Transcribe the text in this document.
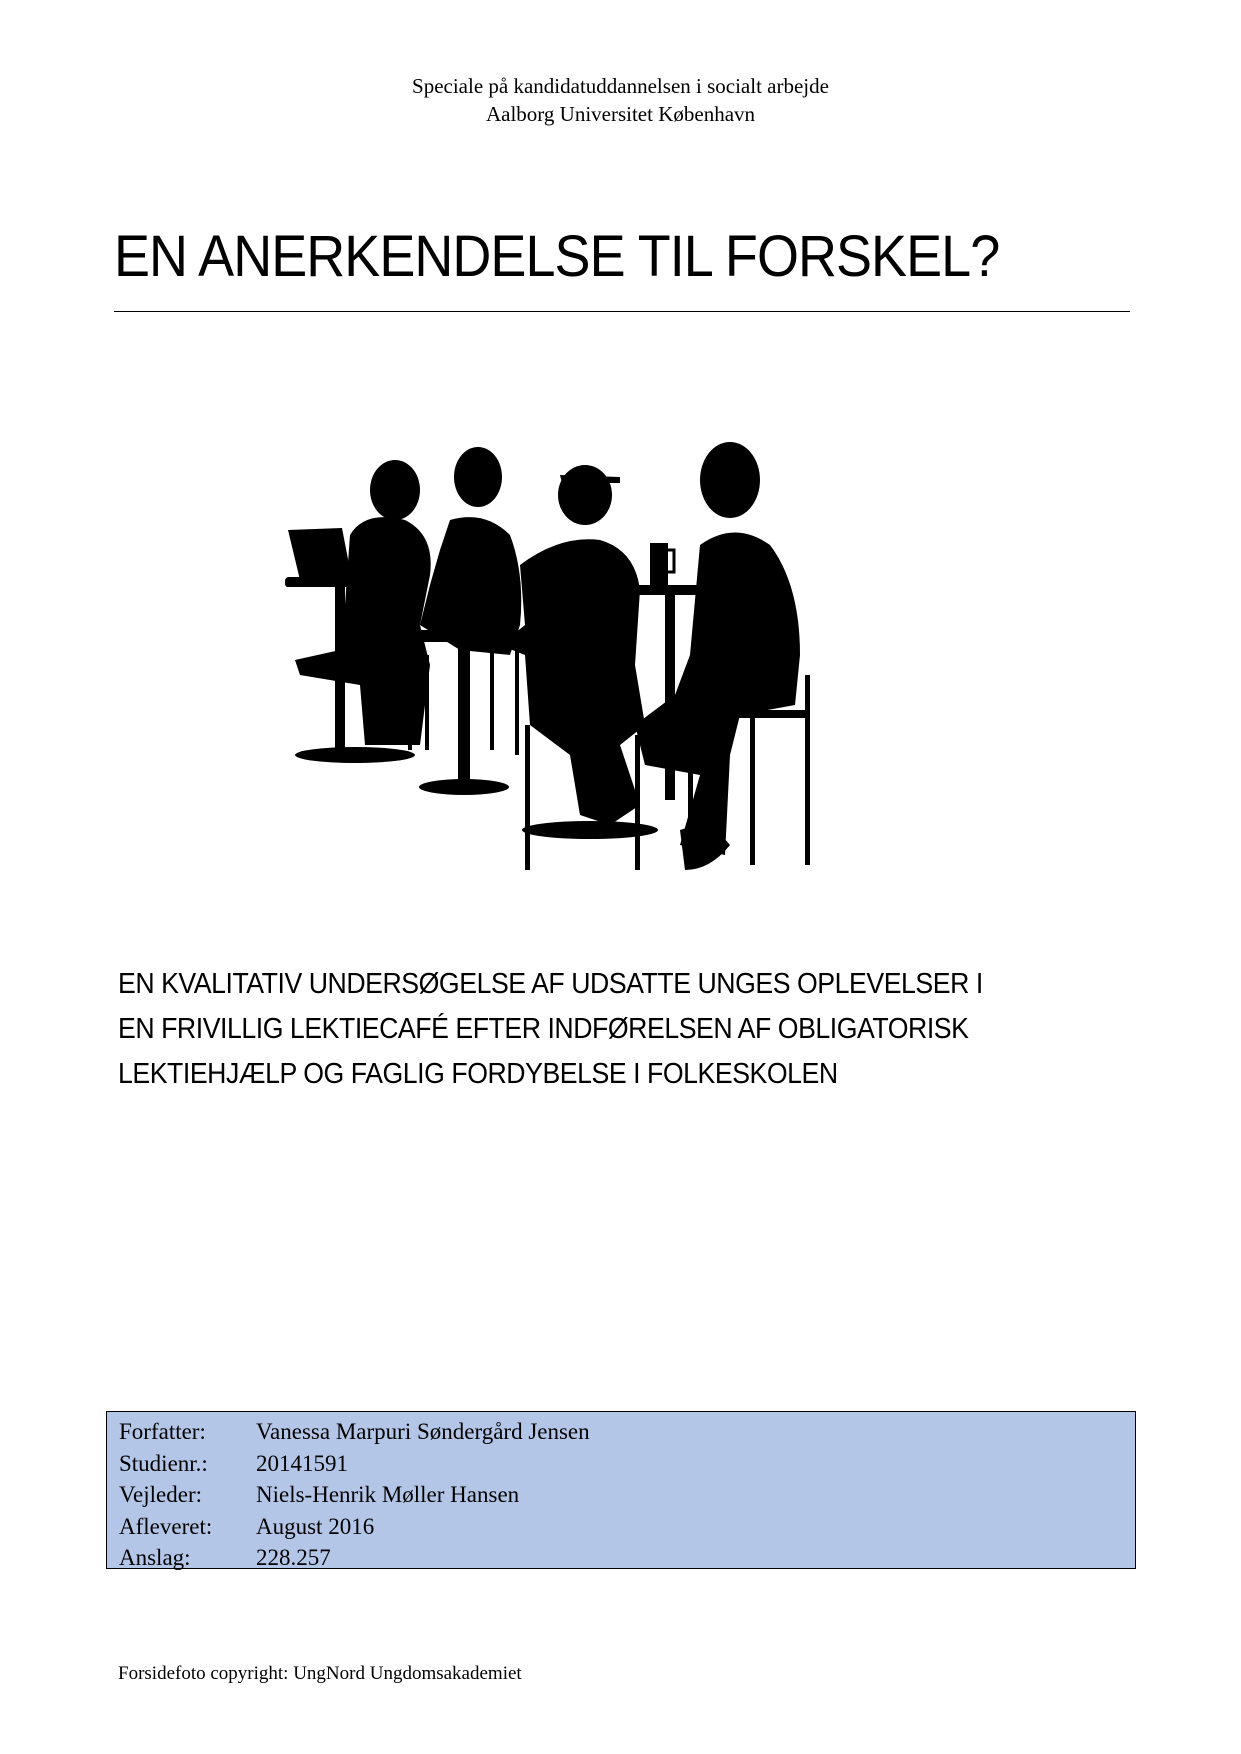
Speciale på kandidatuddannelsen i socialt arbejde
Aalborg Universitet København
EN ANERKENDELSE TIL FORSKEL?
EN KVALITATIV UNDERSØGELSE AF UDSATTE UNGES OPLEVELSER I
EN FRIVILLIG LEKTIECAFÉ EFTER INDFØRELSEN AF OBLIGATORISK
LEKTIEHJÆLP OG FAGLIG FORDYBELSE I FOLKESKOLEN
Forfatter:	Vanessa Marpuri Søndergård Jensen
Studienr.:	20141591
Vejleder:	Niels-Henrik Møller Hansen
Afleveret:	August 2016
Anslag:	228.257
Forsidefoto copyright: UngNord Ungdomsakademiet
